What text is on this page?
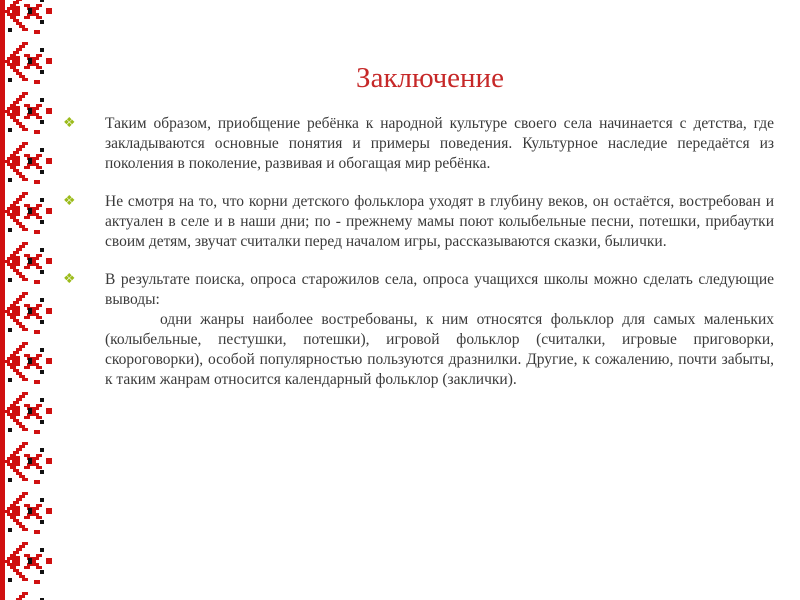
Заключение
❖	Таким образом, приобщение ребёнка к народной культуре своего села начинается с детства, где закладываются основные понятия и примеры поведения. Культурное наследие передаётся из поколения в поколение, развивая и обогащая мир ребёнка.

❖	Не смотря на то, что корни детского фольклора уходят в глубину веков, он остаётся, востребован и актуален в селе и в наши дни; по - прежнему мамы поют колыбельные песни, потешки, прибаутки своим детям, звучат считалки перед началом игры, рассказываются сказки, былички.

❖	В результате поиска, опроса старожилов села, опроса учащихся школы можно сделать следующие выводы:

одни жанры наиболее востребованы, к ним относятся фольклор для самых маленьких (колыбельные, пестушки, потешки), игровой фольклор (считалки, игровые приговорки, скороговорки), особой популярностью пользуются дразнилки. Другие, к сожалению, почти забыты, к таким жанрам относится календарный фольклор (заклички).
